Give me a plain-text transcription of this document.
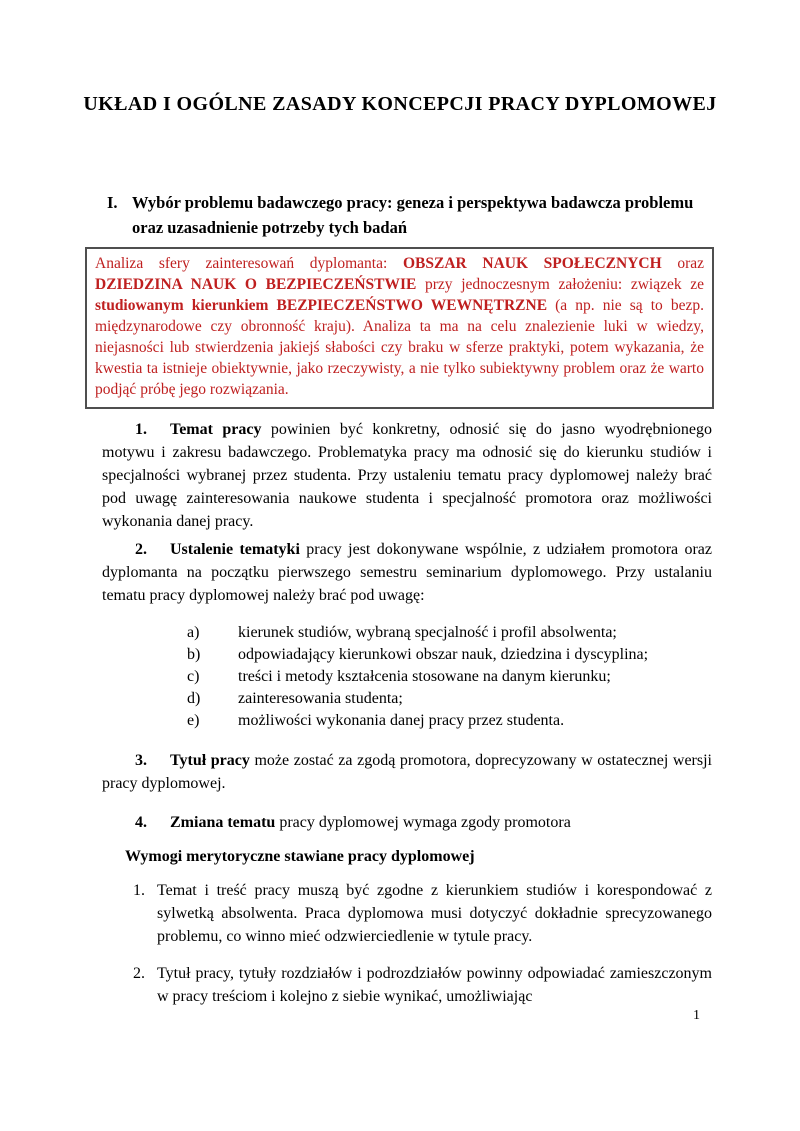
UKŁAD I OGÓLNE ZASADY KONCEPCJI PRACY DYPLOMOWEJ
I. Wybór problemu badawczego pracy: geneza i perspektywa badawcza problemu oraz uzasadnienie potrzeby tych badań

Analiza sfery zainteresowań dyplomanta: OBSZAR NAUK SPOŁECZNYCH oraz DZIEDZINA NAUK O BEZPIECZEŃSTWIE przy jednoczesnym założeniu: związek ze studiowanym kierunkiem BEZPIECZEŃSTWO WEWNĘTRZNE (a np. nie są to bezp. międzynarodowe czy obronność kraju). Analiza ta ma na celu znalezienie luki w wiedzy, niejasności lub stwierdzenia jakiejś słabości czy braku w sferze praktyki, potem wykazania, że kwestia ta istnieje obiektywnie, jako rzeczywisty, a nie tylko subiektywny problem oraz że warto podjąć próbę jego rozwiązania.

1. Temat pracy powinien być konkretny, odnosić się do jasno wyodrębnionego motywu i zakresu badawczego. Problematyka pracy ma odnosić się do kierunku studiów i specjalności wybranej przez studenta. Przy ustaleniu tematu pracy dyplomowej należy brać pod uwagę zainteresowania naukowe studenta i specjalność promotora oraz możliwości wykonania danej pracy.

2. Ustalenie tematyki pracy jest dokonywane wspólnie, z udziałem promotora oraz dyplomanta na początku pierwszego semestru seminarium dyplomowego. Przy ustalaniu tematu pracy dyplomowej należy brać pod uwagę:

a)	kierunek studiów, wybraną specjalność i profil absolwenta;
b)	odpowiadający kierunkowi obszar nauk, dziedzina i dyscyplina;
c)	treści i metody kształcenia stosowane na danym kierunku;
d)	zainteresowania studenta;
e)	możliwości wykonania danej pracy przez studenta.

3. Tytuł pracy może zostać za zgodą promotora, doprecyzowany w ostatecznej wersji pracy dyplomowej.

4. Zmiana tematu pracy dyplomowej wymaga zgody promotora

Wymogi merytoryczne stawiane pracy dyplomowej
1. Temat i treść pracy muszą być zgodne z kierunkiem studiów i korespondować z sylwetką absolwenta. Praca dyplomowa musi dotyczyć dokładnie sprecyzowanego problemu, co winno mieć odzwierciedlenie w tytule pracy.
2. Tytuł pracy, tytuły rozdziałów i podrozdziałów powinny odpowiadać zamieszczonym w pracy treściom i kolejno z siebie wynikać, umożliwiając
1
